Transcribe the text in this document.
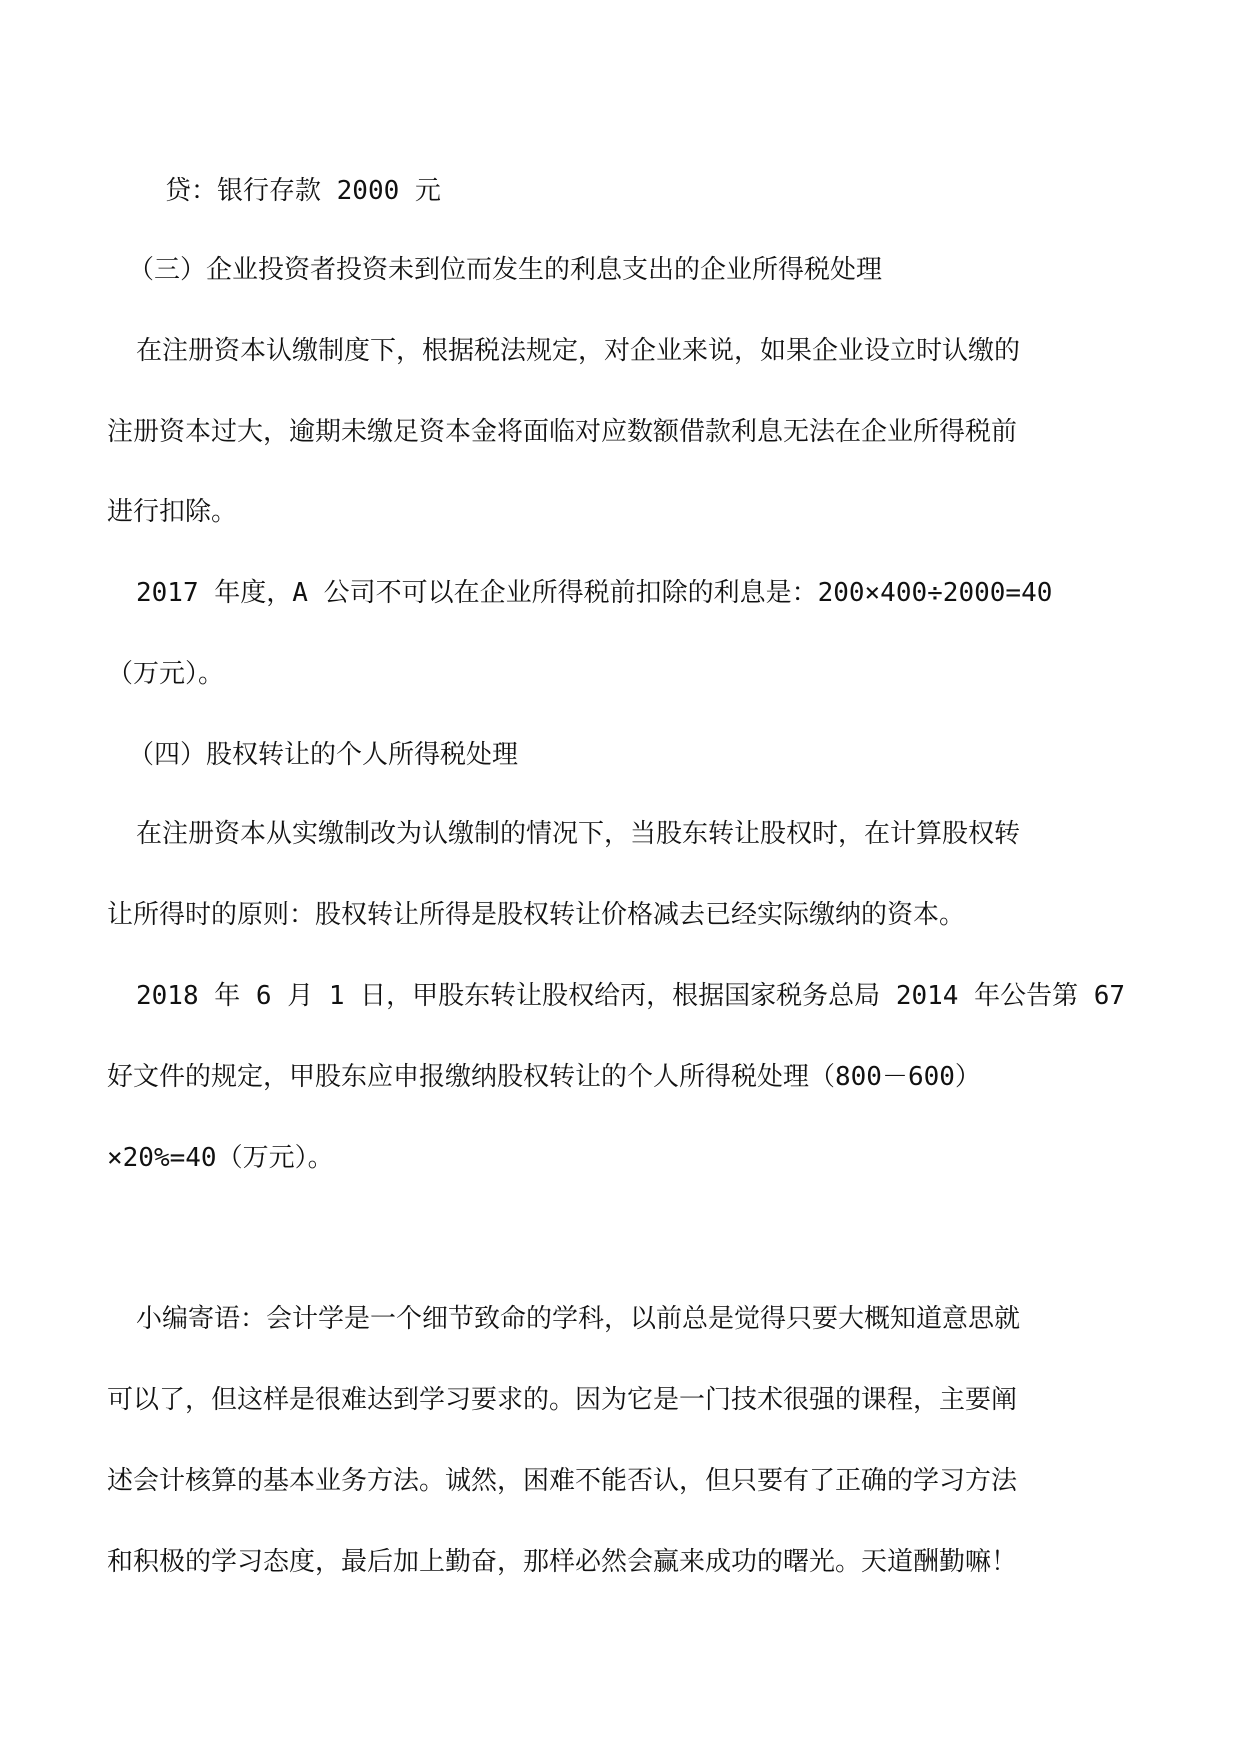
贷：银行存款 2000 元
（三）企业投资者投资未到位而发生的利息支出的企业所得税处理
在注册资本认缴制度下，根据税法规定，对企业来说，如果企业设立时认缴的
注册资本过大，逾期未缴足资本金将面临对应数额借款利息无法在企业所得税前
进行扣除。
2017 年度，A 公司不可以在企业所得税前扣除的利息是：200×400÷2000=40
（万元）。
（四）股权转让的个人所得税处理
在注册资本从实缴制改为认缴制的情况下，当股东转让股权时，在计算股权转
让所得时的原则：股权转让所得是股权转让价格减去已经实际缴纳的资本。
2018 年 6 月 1 日，甲股东转让股权给丙，根据国家税务总局 2014 年公告第 67
好文件的规定，甲股东应申报缴纳股权转让的个人所得税处理（800－600）
×20%=40（万元）。
小编寄语：会计学是一个细节致命的学科，以前总是觉得只要大概知道意思就
可以了，但这样是很难达到学习要求的。因为它是一门技术很强的课程，主要阐
述会计核算的基本业务方法。诚然，困难不能否认，但只要有了正确的学习方法
和积极的学习态度，最后加上勤奋，那样必然会赢来成功的曙光。天道酬勤嘛！
